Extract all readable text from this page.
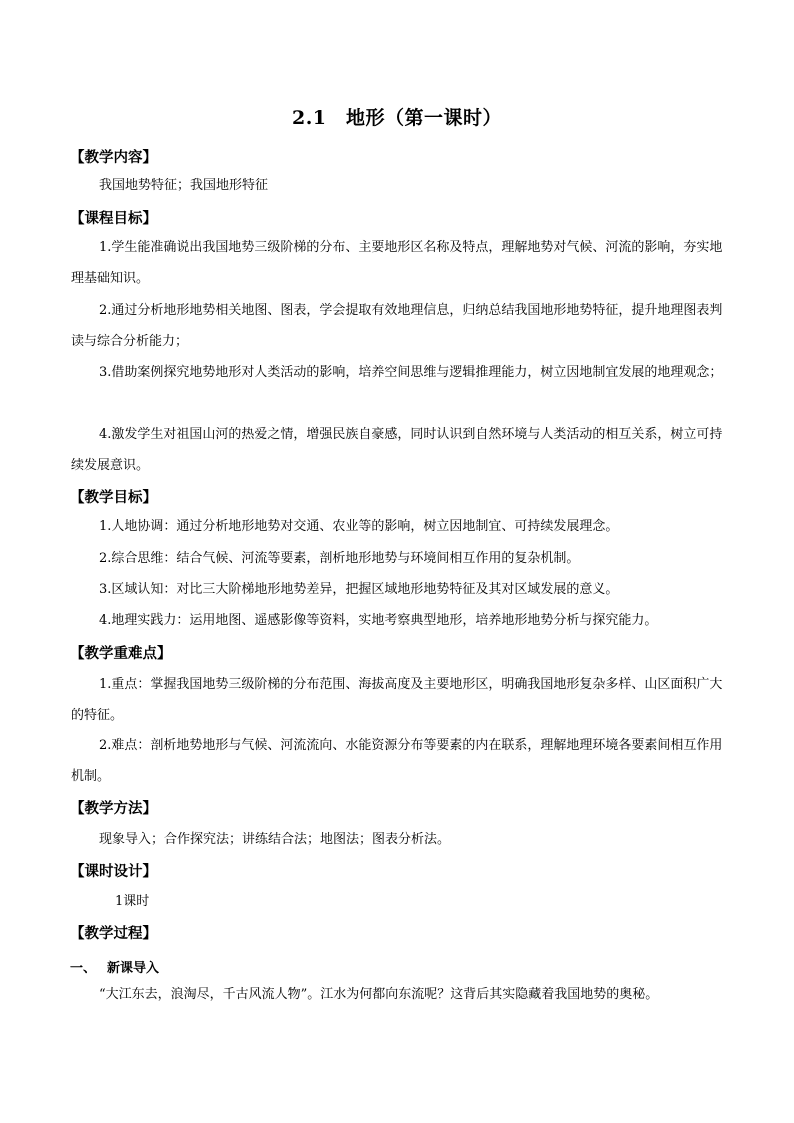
2.1　地形（第一课时）
【教学内容】
我国地势特征；我国地形特征
【课程目标】
1.学生能准确说出我国地势三级阶梯的分布、主要地形区名称及特点，理解地势对气候、河流的影响，夯实地理基础知识。
2.通过分析地形地势相关地图、图表，学会提取有效地理信息，归纳总结我国地形地势特征，提升地理图表判读与综合分析能力；
3.借助案例探究地势地形对人类活动的影响，培养空间思维与逻辑推理能力，树立因地制宜发展的地理观念；
4.激发学生对祖国山河的热爱之情，增强民族自豪感，同时认识到自然环境与人类活动的相互关系，树立可持续发展意识。
【教学目标】
1.人地协调：通过分析地形地势对交通、农业等的影响，树立因地制宜、可持续发展理念。
2.综合思维：结合气候、河流等要素，剖析地形地势与环境间相互作用的复杂机制。
3.区域认知：对比三大阶梯地形地势差异，把握区域地形地势特征及其对区域发展的意义。
4.地理实践力：运用地图、遥感影像等资料，实地考察典型地形，培养地形地势分析与探究能力。
【教学重难点】
1.重点：掌握我国地势三级阶梯的分布范围、海拔高度及主要地形区，明确我国地形复杂多样、山区面积广大的特征。
2.难点：剖析地势地形与气候、河流流向、水能资源分布等要素的内在联系，理解地理环境各要素间相互作用机制。
【教学方法】
现象导入；合作探究法；讲练结合法；地图法；图表分析法。
【课时设计】
1课时
【教学过程】
一、 新课导入
“大江东去，浪淘尽，千古风流人物”。江水为何都向东流呢？这背后其实隐藏着我国地势的奥秘。
